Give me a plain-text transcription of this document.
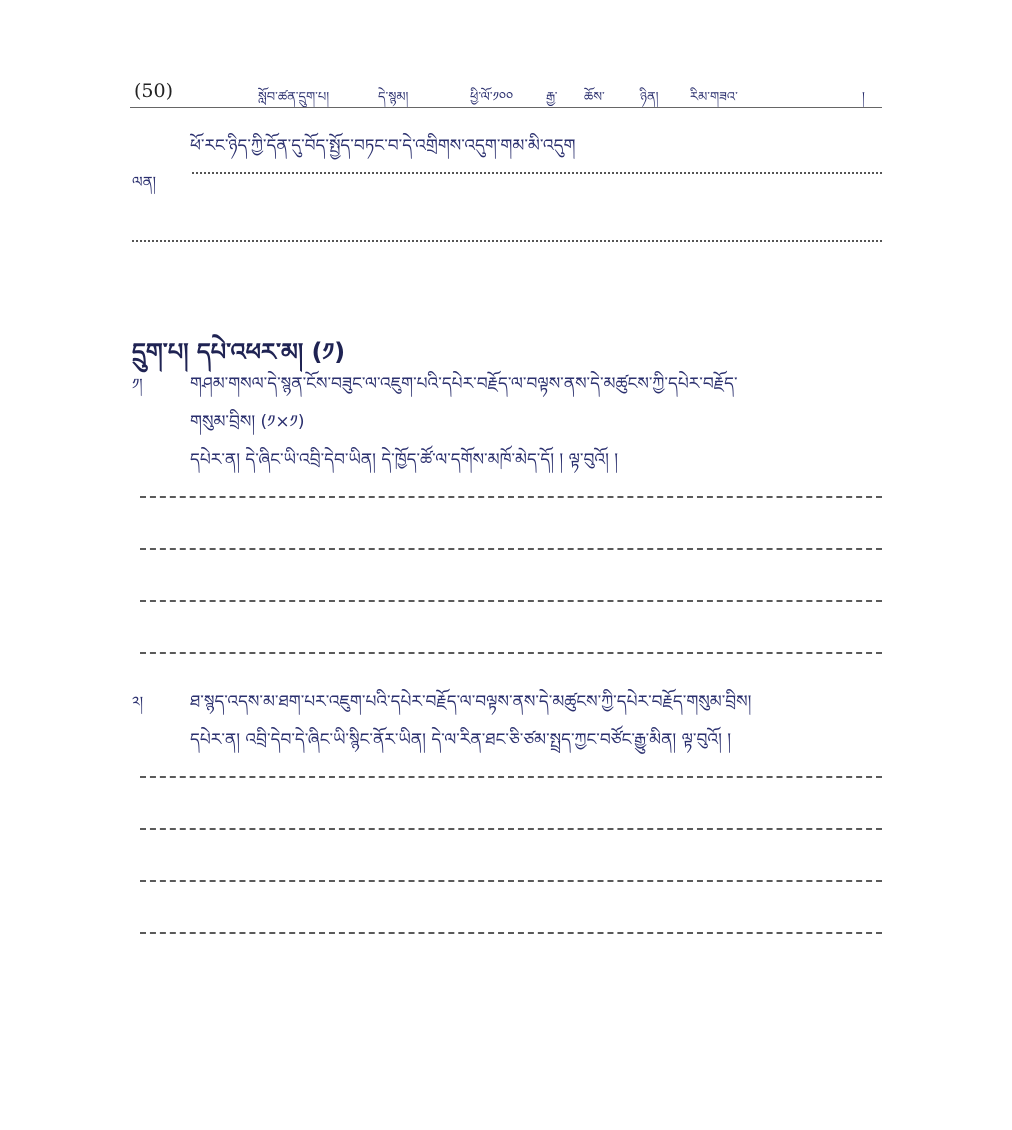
(50)	སློབ་ཚན་དྲུག་པ།	དེ་སྙམ།	ཕྱི་ལོ་༡༠༠	རྒྱ་ ཆོས་	ཉིན། རིམ་གཟའ་	།
ཕོ་རང་ཉིད་ཀྱི་དོན་དུ་བོད་སྤྱོད་བཏང་བ་དེ་འགྲིགས་འདུག་གམ་མི་འདུག
ལན།
དྲུག་པ། དཔེ་འཕར་མ། (༡)
༡།	གཤམ་གསལ་དེ་སྙན་ངོས་བཟུང་ལ་འཇུག་པའི་དཔེར་བརྗོད་ལ་བལྟས་ནས་དེ་མཚུངས་ཀྱི་དཔེར་བརྗོད་
གསུམ་བྲིས། (༡×༡)
དཔེར་ན། དེ་ཞིང་ཡི་འབྲི་དེབ་ཡིན། དེ་ཁྱོད་ཚོ་ལ་དགོས་མཁོ་མེད་དོ། ། ལྟ་བུའོ། །
༢།	ཐ་སྙད་འདས་མ་ཐག་པར་འཇུག་པའི་དཔེར་བརྗོད་ལ་བལྟས་ནས་དེ་མཚུངས་ཀྱི་དཔེར་བརྗོད་གསུམ་བྲིས།
དཔེར་ན། འབྲི་དེབ་དེ་ཞིང་ཡི་སྙིང་ནོར་ཡིན། དེ་ལ་རིན་ཐང་ཅི་ཙམ་སྤྲད་ཀྱང་བཙོང་རྒྱུ་མིན། ལྟ་བུའོ། །
